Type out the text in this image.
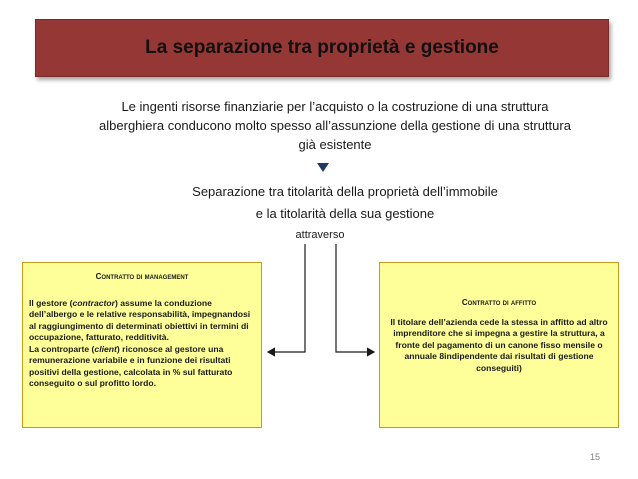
La separazione tra proprietà e gestione
Le ingenti risorse finanziarie per l’acquisto o la costruzione di una struttura
alberghiera conducono molto spesso all’assunzione della gestione di una struttura
già esistente
Separazione tra titolarità della proprietà dell’immobile
e la titolarità della sua gestione
attraverso
Contratto di management

Il gestore (contractor) assume la conduzione dell’albergo e le relative responsabilità, impegnandosi al raggiungimento di determinati obiettivi in termini di occupazione, fatturato, redditività.

La controparte (client) riconosce al gestore una remunerazione variabile e in funzione dei risultati positivi della gestione, calcolata in % sul fatturato conseguito o sul profitto lordo.

Contratto di affitto

Il titolare dell’azienda cede la stessa in affitto ad altro imprenditore che si impegna a gestire la struttura, a fronte del pagamento di un canone fisso mensile o annuale 8indipendente dai risultati di gestione conseguiti)

15
